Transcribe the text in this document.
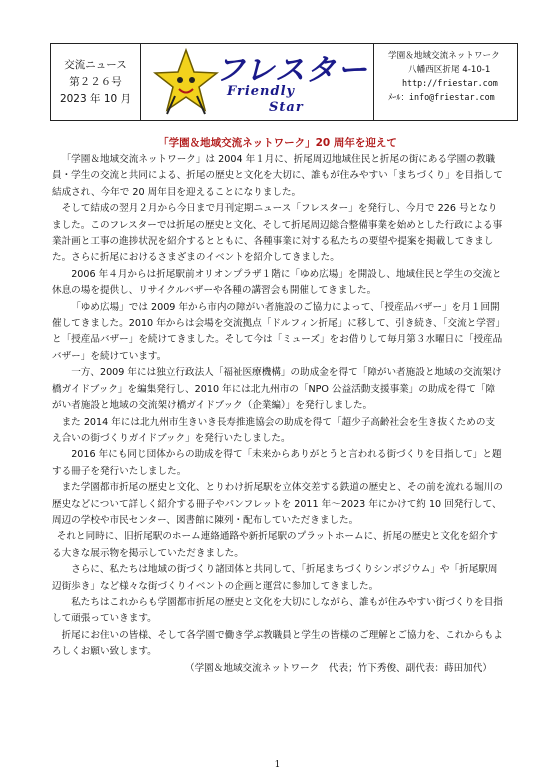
交流ニュース
第２２６号
2023 年 10 月
フレスター
Friendly
Star
学園＆地域交流ネットワーク
八幡西区折尾 4-10-1
http://friestar.com
ﾒｰﾙ：info@friestar.com
「学園＆地域交流ネットワーク」20 周年を迎えて

「学園＆地域交流ネットワーク」は 2004 年１月に、折尾周辺地域住民と折尾の街にある学園の教職員・学生の交流と共同による、折尾の歴史と文化を大切に、誰もが住みやすい「まちづくり」を目指して結成され、今年で 20 周年目を迎えることになりました。

そして結成の翌月２月から今日まで月刊定期ニュース「フレスター」を発行し、今月で 226 号となりました。このフレスターでは折尾の歴史と文化、そして折尾周辺総合整備事業を始めとした行政による事業計画と工事の進捗状況を紹介するとともに、各種事業に対する私たちの要望や提案を掲載してきました。さらに折尾におけるさまざまのイベントを紹介してきました。

2006 年４月からは折尾駅前オリオンプラザ１階に「ゆめ広場」を開設し、地域住民と学生の交流と休息の場を提供し、リサイクルバザーや各種の講習会も開催してきました。

「ゆめ広場」では 2009 年から市内の障がい者施設のご協力によって、「授産品バザー」を月１回開催してきました。2010 年からは会場を交流拠点「ドルフィン折尾」に移して、引き続き、「交流と学習」と「授産品バザー」を続けてきました。そして今は「ミューズ」をお借りして毎月第３水曜日に「授産品バザー」を続けています。

一方、2009 年には独立行政法人「福祉医療機構」の助成金を得て「障がい者施設と地域の交流架け橋ガイドブック」を編集発行し、2010 年には北九州市の「NPO 公益活動支援事業」の助成を得て「障がい者施設と地域の交流架け橋ガイドブック（企業編）」を発行しました。

また 2014 年には北九州市生きいき長寿推進協会の助成を得て「超少子高齢社会を生き抜くための支え合いの街づくりガイドブック」を発行いたしました。

2016 年にも同じ団体からの助成を得て「未来からありがとうと言われる街づくりを目指して」と題する冊子を発行いたしました。

また学園都市折尾の歴史と文化、とりわけ折尾駅を立体交差する鉄道の歴史と、その前を流れる堀川の歴史などについて詳しく紹介する冊子やパンフレットを 2011 年〜2023 年にかけて約 10 回発行して、周辺の学校や市民センター、図書館に陳列・配布していただきました。

それと同時に、旧折尾駅のホーム連絡通路や新折尾駅のプラットホームに、折尾の歴史と文化を紹介する大きな展示物を掲示していただきました。

さらに、私たちは地域の街づくり諸団体と共同して、「折尾まちづくりシンポジウム」や「折尾駅周辺街歩き」など様々な街づくりイベントの企画と運営に参加してきました。

私たちはこれからも学園都市折尾の歴史と文化を大切にしながら、誰もが住みやすい街づくりを目指して頑張っていきます。

折尾にお住いの皆様、そして各学園で働き学ぶ教職員と学生の皆様のご理解とご協力を、これからもよろしくお願い致します。

（学園＆地域交流ネットワーク　代表；竹下秀俊、副代表：蒔田加代）

1
